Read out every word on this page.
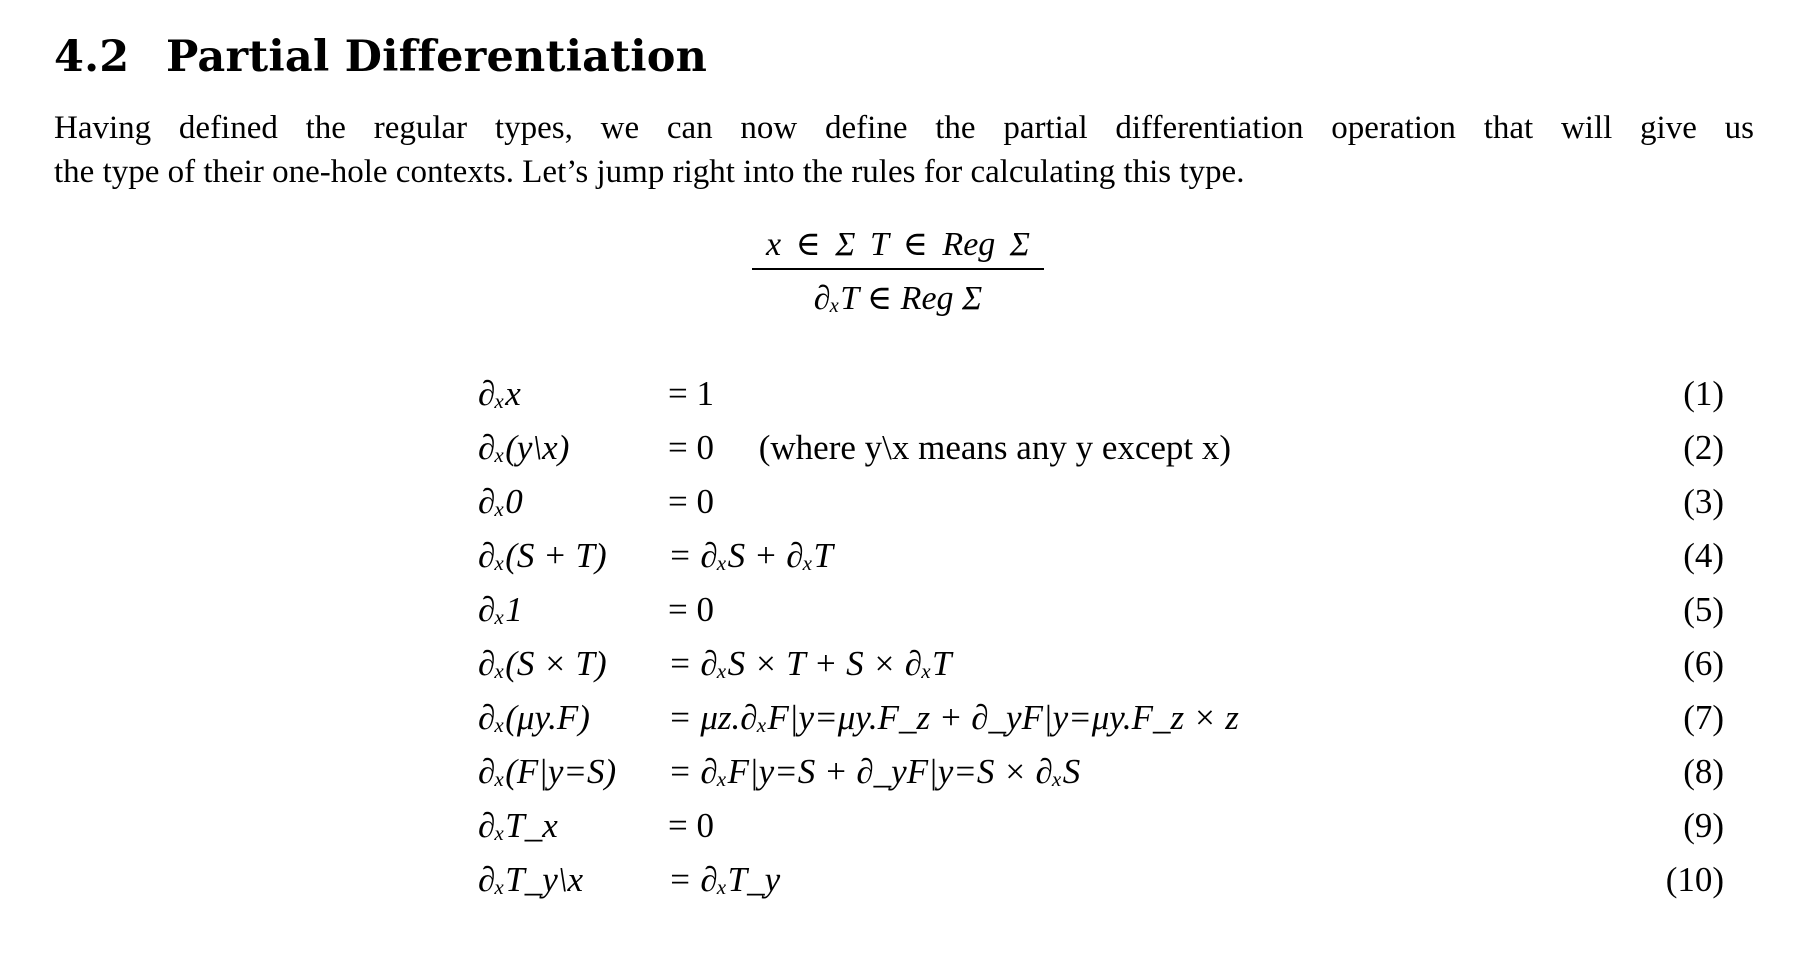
4.2 Partial Differentiation
Having defined the regular types, we can now define the partial differentiation operation that will give us
the type of their one-hole contexts. Let’s jump right into the rules for calculating this type.
x ∈ Σ T ∈ Reg Σ
∂ₓT ∈ Reg Σ
∂ₓx	= 1	(1)
∂ₓ(y\x)	= 0 (where y\x means any y except x)	(2)
∂ₓ0	= 0	(3)
∂ₓ(S + T) = ∂ₓS + ∂ₓT	(4)
∂ₓ1	= 0	(5)
∂ₓ(S × T) = ∂ₓS × T + S × ∂ₓT	(6)
∂ₓ(μy.F) = μz.∂ₓF|y=μy.F_z + ∂_yF|y=μy.F_z × z	(7)
∂ₓ(F|y=S) = ∂ₓF|y=S + ∂_yF|y=S × ∂ₓS	(8)
∂ₓT_x	= 0	(9)
∂ₓT_y\x = ∂ₓT_y	(10)
